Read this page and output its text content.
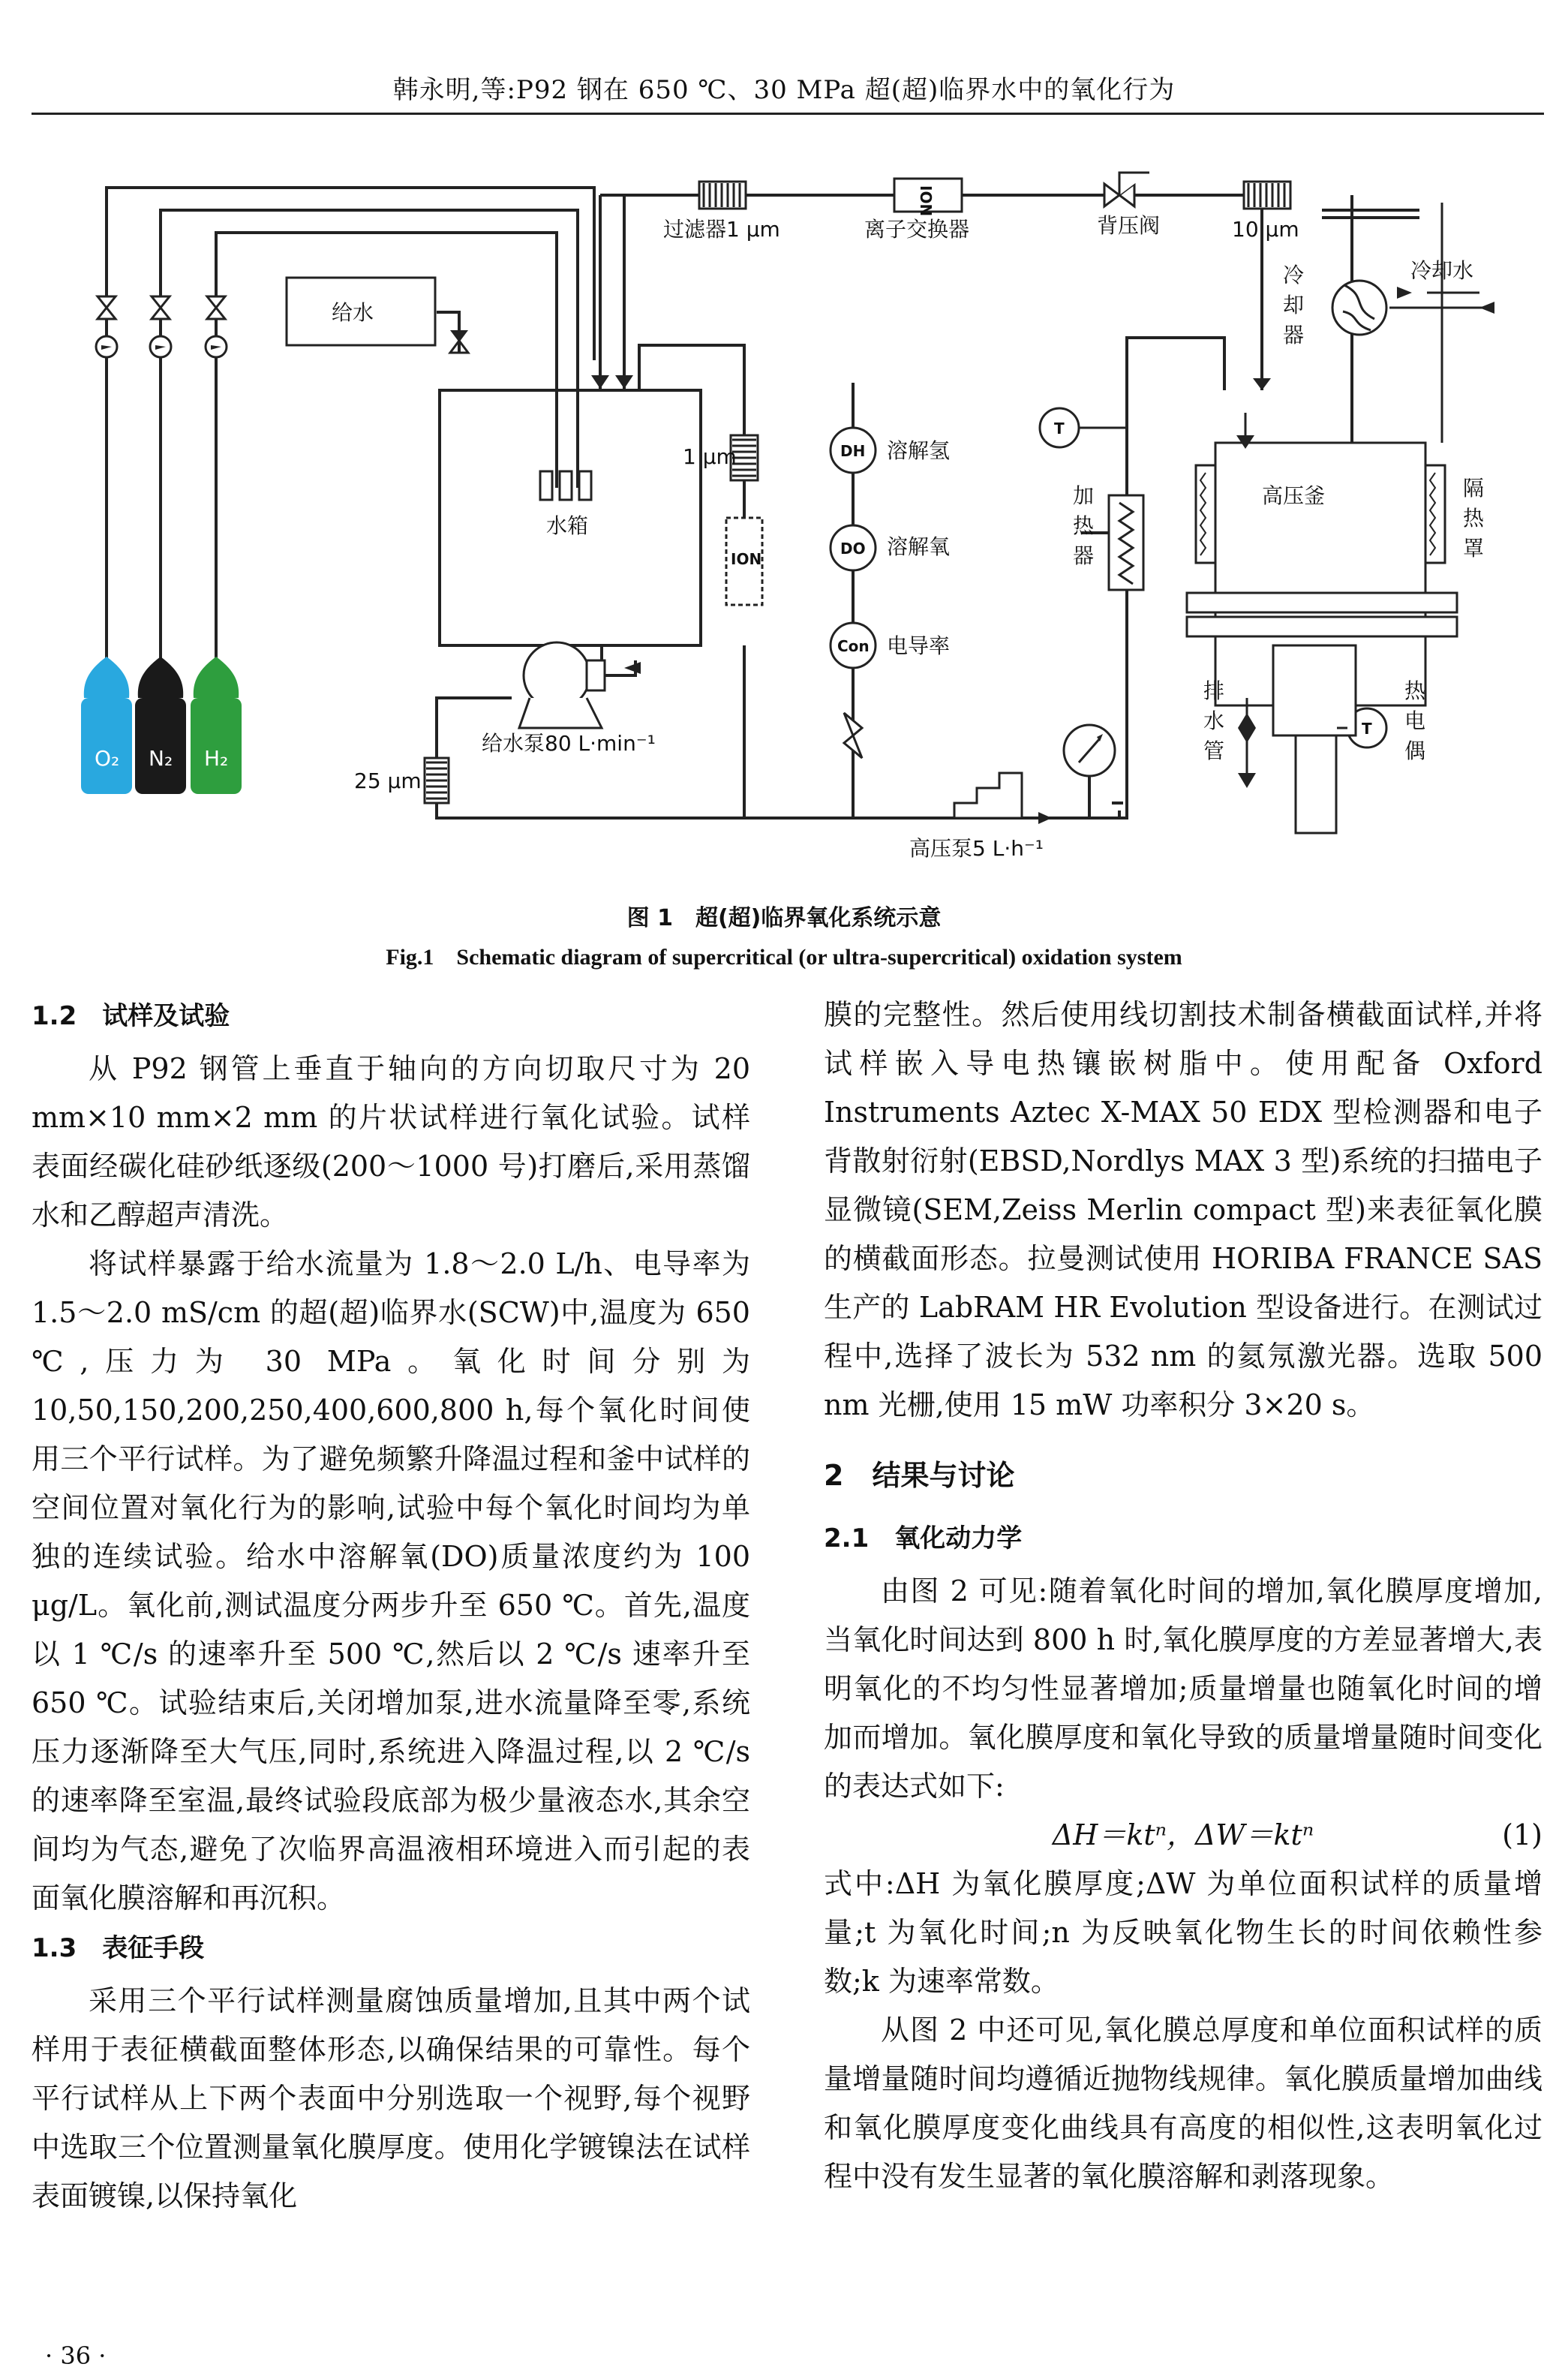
韩永明,等:P92 钢在 650 ℃、30 MPa 超(超)临界水中的氧化行为
过滤器1 μm
ION
离子交换器	背压阀	10 μm
冷
却
器
冷却水
给水
水箱
1 μm
ION
DH 溶解氢
DO 溶解氧
Con 电导率
T
T
加
热
器
高压釜	隔
热
罩
排
水
管
热
电
偶
给水泵80 L·min⁻¹
25 μm
高压泵5 L·h⁻¹
O₂ N₂ H₂
图 1　超(超)临界氧化系统示意
Fig.1　Schematic diagram of supercritical (or ultra-supercritical) oxidation system
1.2　试样及试验

从 P92 钢管上垂直于轴向的方向切取尺寸为 20 mm×10 mm×2 mm 的片状试样进行氧化试验。试样表面经碳化硅砂纸逐级(200～1000 号)打磨后,采用蒸馏水和乙醇超声清洗。

将试样暴露于给水流量为 1.8～2.0 L/h、电导率为 1.5～2.0 mS/cm 的超(超)临界水(SCW)中,温度为 650 ℃,压力为 30 MPa。氧化时间分别为 10,50,150,200,250,400,600,800 h,每个氧化时间使用三个平行试样。为了避免频繁升降温过程和釜中试样的空间位置对氧化行为的影响,试验中每个氧化时间均为单独的连续试验。给水中溶解氧(DO)质量浓度约为 100 μg/L。氧化前,测试温度分两步升至 650 ℃。首先,温度以 1 ℃/s 的速率升至 500 ℃,然后以 2 ℃/s 速率升至 650 ℃。试验结束后,关闭增加泵,进水流量降至零,系统压力逐渐降至大气压,同时,系统进入降温过程,以 2 ℃/s 的速率降至室温,最终试验段底部为极少量液态水,其余空间均为气态,避免了次临界高温液相环境进入而引起的表面氧化膜溶解和再沉积。

1.3　表征手段

采用三个平行试样测量腐蚀质量增加,且其中两个试样用于表征横截面整体形态,以确保结果的可靠性。每个平行试样从上下两个表面中分别选取一个视野,每个视野中选取三个位置测量氧化膜厚度。使用化学镀镍法在试样表面镀镍,以保持氧化

膜的完整性。然后使用线切割技术制备横截面试样,并将试样嵌入导电热镶嵌树脂中。使用配备 Oxford Instruments Aztec X-MAX 50 EDX 型检测器和电子背散射衍射(EBSD,Nordlys MAX 3 型)系统的扫描电子显微镜(SEM,Zeiss Merlin compact 型)来表征氧化膜的横截面形态。拉曼测试使用 HORIBA FRANCE SAS 生产的 LabRAM HR Evolution 型设备进行。在测试过程中,选择了波长为 532 nm 的氦氖激光器。选取 500 nm 光栅,使用 15 mW 功率积分 3×20 s。

2　结果与讨论
2.1　氧化动力学

由图 2 可见:随着氧化时间的增加,氧化膜厚度增加,当氧化时间达到 800 h 时,氧化膜厚度的方差显著增大,表明氧化的不均匀性显著增加;质量增量也随氧化时间的增加而增加。氧化膜厚度和氧化导致的质量增量随时间变化的表达式如下:

ΔH＝ktⁿ，ΔW＝ktⁿ	(1)

式中:ΔH 为氧化膜厚度;ΔW 为单位面积试样的质量增量;t 为氧化时间;n 为反映氧化物生长的时间依赖性参数;k 为速率常数。

从图 2 中还可见,氧化膜总厚度和单位面积试样的质量增量随时间均遵循近抛物线规律。氧化膜质量增加曲线和氧化膜厚度变化曲线具有高度的相似性,这表明氧化过程中没有发生显著的氧化膜溶解和剥落现象。

· 36 ·
